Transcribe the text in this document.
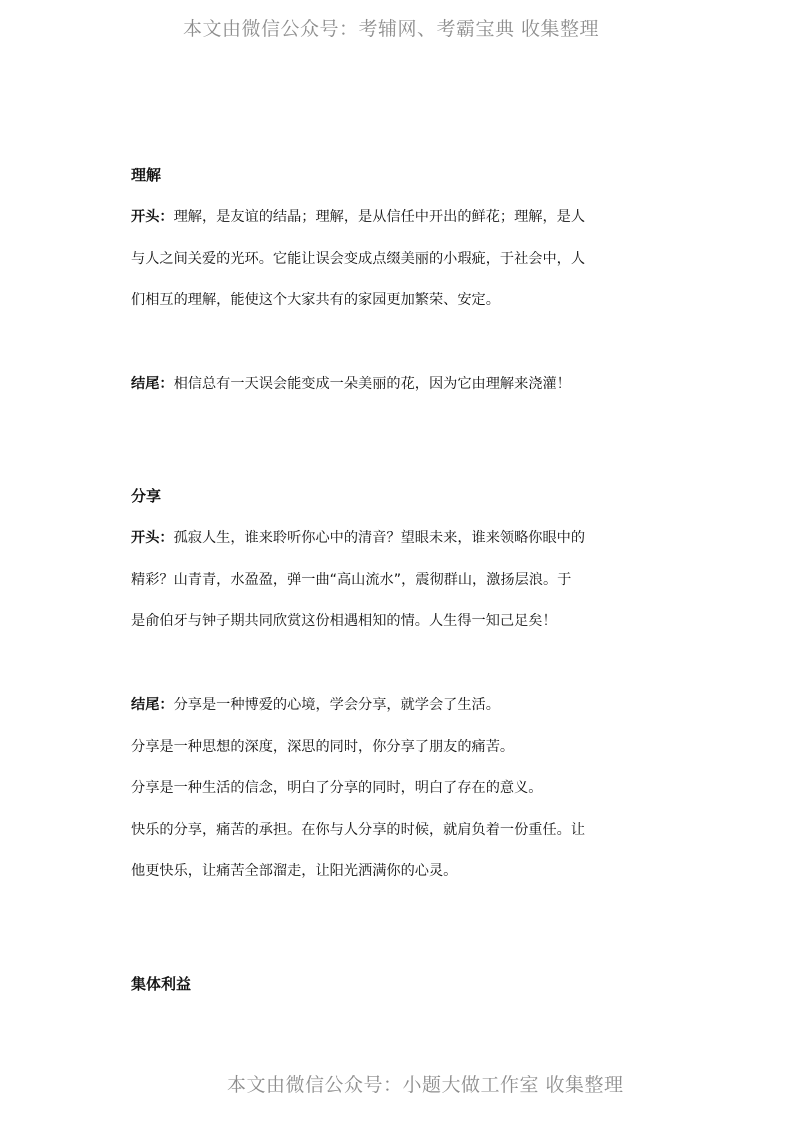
本文由微信公众号：考辅网、考霸宝典 收集整理
理解
开头：理解，是友谊的结晶；理解，是从信任中开出的鲜花；理解，是人
与人之间关爱的光环。它能让误会变成点缀美丽的小瑕疵，于社会中，人
们相互的理解，能使这个大家共有的家园更加繁荣、安定。
结尾：相信总有一天误会能变成一朵美丽的花，因为它由理解来浇灌！
分享
开头：孤寂人生，谁来聆听你心中的清音？望眼未来，谁来领略你眼中的
精彩？山青青，水盈盈，弹一曲“高山流水”，震彻群山，激扬层浪。于
是俞伯牙与钟子期共同欣赏这份相遇相知的情。人生得一知己足矣！
结尾：分享是一种博爱的心境，学会分享，就学会了生活。
分享是一种思想的深度，深思的同时，你分享了朋友的痛苦。
分享是一种生活的信念，明白了分享的同时，明白了存在的意义。
快乐的分享，痛苦的承担。在你与人分享的时候，就肩负着一份重任。让
他更快乐，让痛苦全部溜走，让阳光洒满你的心灵。
集体利益
本文由微信公众号：小题大做工作室 收集整理
